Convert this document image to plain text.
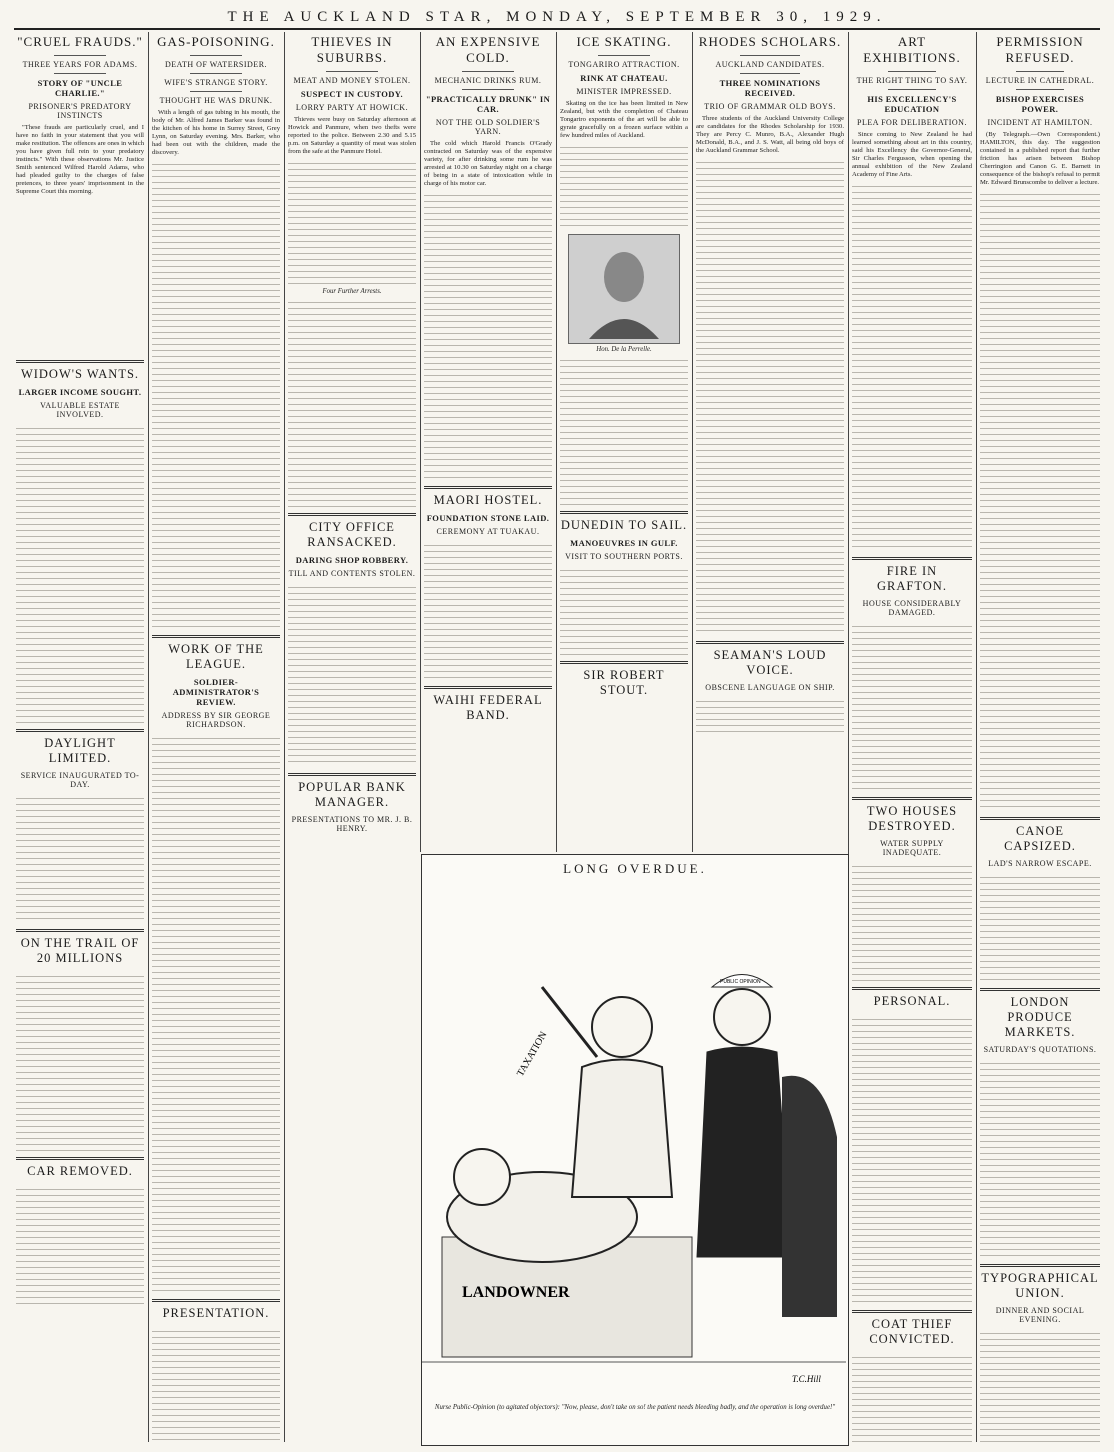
THE AUCKLAND STAR, MONDAY, SEPTEMBER 30, 1929.
"CRUEL FRAUDS."
THREE YEARS FOR ADAMS.
STORY OF "UNCLE CHARLIE."
PRISONER'S PREDATORY INSTINCTS

"These frauds are particularly cruel, and I have no faith in your statement that you will make restitution. The offences are ones in which you have given full rein to your predatory instincts." With these observations Mr. Justice Smith sentenced Wilfred Harold Adams, who had pleaded guilty to the charges of false pretences, to three years' imprisonment in the Supreme Court this morning.

WIDOW'S WANTS.
LARGER INCOME SOUGHT.
VALUABLE ESTATE INVOLVED.
DAYLIGHT LIMITED.
SERVICE INAUGURATED TO-DAY.
ON THE TRAIL OF 20 MILLIONS
CAR REMOVED.
GAS-POISONING.
DEATH OF WATERSIDER.
WIFE'S STRANGE STORY.
THOUGHT HE WAS DRUNK.

With a length of gas tubing in his mouth, the body of Mr. Alfred James Barker was found in the kitchen of his home in Surrey Street, Grey Lynn, on Saturday evening. Mrs. Barker, who had been out with the children, made the discovery.

WORK OF THE LEAGUE.
SOLDIER-ADMINISTRATOR'S REVIEW.
ADDRESS BY SIR GEORGE RICHARDSON.
PRESENTATION.
THIEVES IN SUBURBS.
MEAT AND MONEY STOLEN.
SUSPECT IN CUSTODY.
LORRY PARTY AT HOWICK.

Thieves were busy on Saturday afternoon at Howick and Panmure, when two thefts were reported to the police. Between 2.30 and 5.15 p.m. on Saturday a quantity of meat was stolen from the safe at the Panmure Hotel.

Four Further Arrests.
CITY OFFICE RANSACKED.
DARING SHOP ROBBERY.
TILL AND CONTENTS STOLEN.
POPULAR BANK MANAGER.
PRESENTATIONS TO MR. J. B. HENRY.
AN EXPENSIVE COLD.
MECHANIC DRINKS RUM.
"PRACTICALLY DRUNK" IN CAR.
NOT THE OLD SOLDIER'S YARN.

The cold which Harold Francis O'Grady contracted on Saturday was of the expensive variety, for after drinking some rum he was arrested at 10.30 on Saturday night on a charge of being in a state of intoxication while in charge of his motor car.

MAORI HOSTEL.
FOUNDATION STONE LAID.
CEREMONY AT TUAKAU.
WAIHI FEDERAL BAND.
ICE SKATING.
TONGARIRO ATTRACTION.
RINK AT CHATEAU.
MINISTER IMPRESSED.

Skating on the ice has been limited in New Zealand, but with the completion of Chateau Tongariro exponents of the art will be able to gyrate gracefully on a frozen surface within a few hundred miles of Auckland.

Hon. De la Perrelle.
DUNEDIN TO SAIL.
MANOEUVRES IN GULF.
VISIT TO SOUTHERN PORTS.
SIR ROBERT STOUT.
RHODES SCHOLARS.
AUCKLAND CANDIDATES.
THREE NOMINATIONS RECEIVED.
TRIO OF GRAMMAR OLD BOYS.

Three students of the Auckland University College are candidates for the Rhodes Scholarship for 1930. They are Percy C. Munro, B.A., Alexander Hugh McDonald, B.A., and J. S. Watt, all being old boys of the Auckland Grammar School.

SEAMAN'S LOUD VOICE.
OBSCENE LANGUAGE ON SHIP.
ART EXHIBITIONS.
THE RIGHT THING TO SAY.
HIS EXCELLENCY'S EDUCATION
PLEA FOR DELIBERATION.

Since coming to New Zealand he had learned something about art in this country, said his Excellency the Governor-General, Sir Charles Fergusson, when opening the annual exhibition of the New Zealand Academy of Fine Arts.

FIRE IN GRAFTON.
HOUSE CONSIDERABLY DAMAGED.
TWO HOUSES DESTROYED.
WATER SUPPLY INADEQUATE.
PERSONAL.
COAT THIEF CONVICTED.
PERMISSION REFUSED.
LECTURE IN CATHEDRAL.
BISHOP EXERCISES POWER.
INCIDENT AT HAMILTON.

(By Telegraph.—Own Correspondent.) HAMILTON, this day. The suggestion contained in a published report that further friction has arisen between Bishop Cherrington and Canon G. E. Barnett in consequence of the bishop's refusal to permit Mr. Edward Brunscombe to deliver a lecture.

CANOE CAPSIZED.
LAD'S NARROW ESCAPE.
LONDON PRODUCE MARKETS.
SATURDAY'S QUOTATIONS.
TYPOGRAPHICAL UNION.
DINNER AND SOCIAL EVENING.
LONG OVERDUE.
LANDOWNER
TAXATION
PUBLIC OPINION
T.C.Hill
Nurse Public-Opinion (to agitated objectors): "Now, please, don't take on so! the patient needs bleeding badly, and the operation is long overdue!"
